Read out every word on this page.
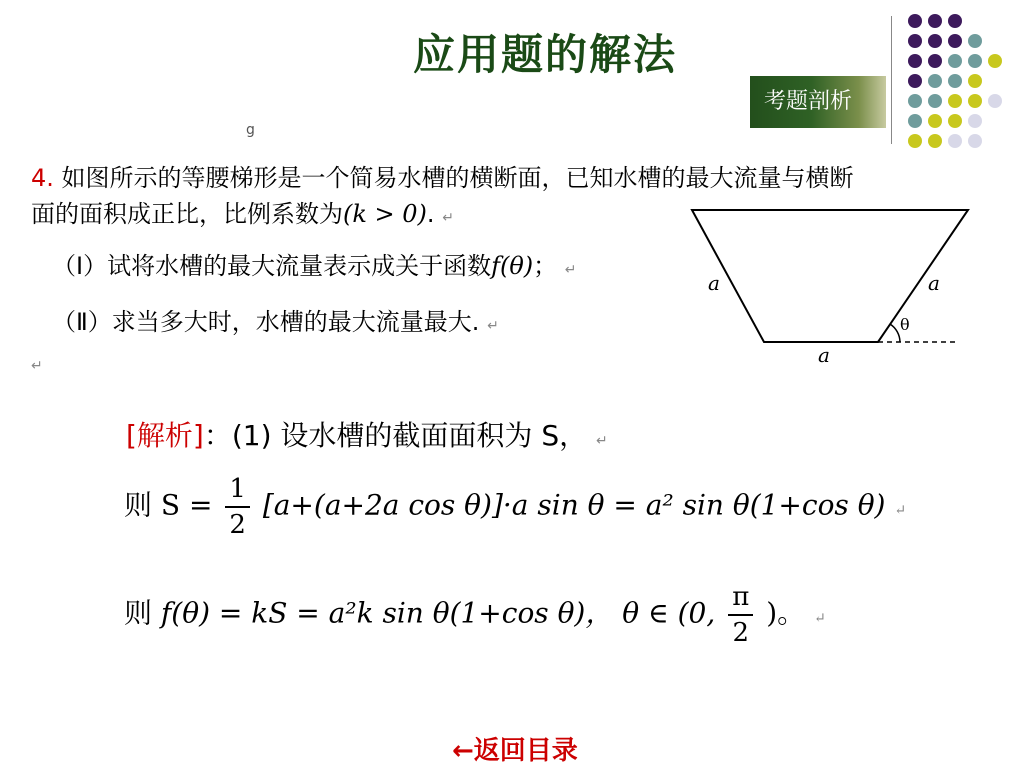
应用题的解法
考题剖析
g
4. 如图所示的等腰梯形是一个简易水槽的横断面，已知水槽的最大流量与横断
面的面积成正比，比例系数为(k > 0). ↵
（Ⅰ）试将水槽的最大流量表示成关于函数f(θ)； ↵
（Ⅱ）求当多大时，水槽的最大流量最大. ↵
↵
a	a
a
θ
[解析]：(1) 设水槽的截面面积为 S， ↵
则 $S = \frac{1}{2} [a+(a+2a$ cos θ)]·a sin θ = a² sin θ(1+cos θ) ↵
则 f(θ) = kS = a²k sin θ(1+cos θ)， θ ∈ (0, $\frac{\pi}{2}$ )。 ↵
←返回目录
